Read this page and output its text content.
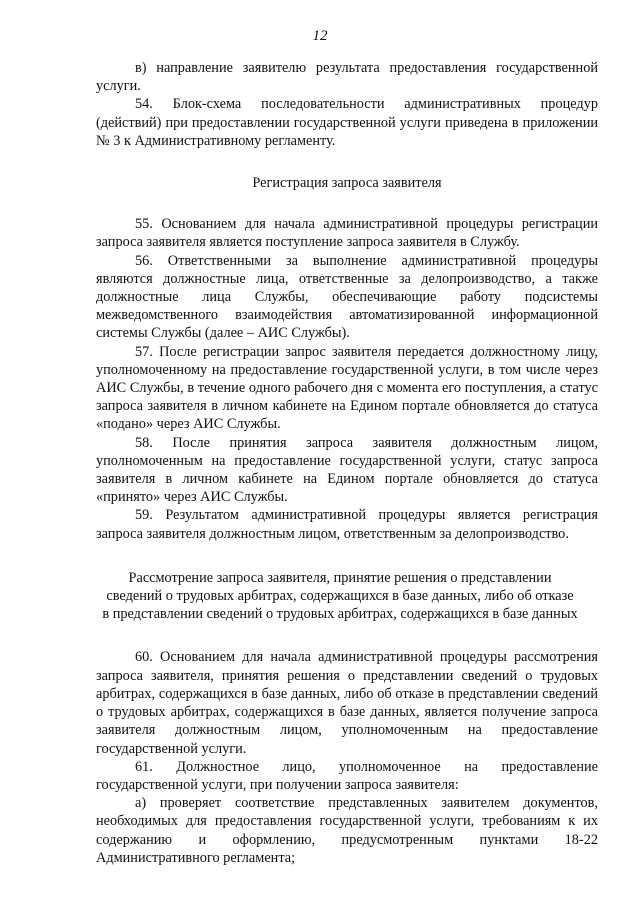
12

в) направление заявителю результата предоставления государственной услуги.

54. Блок-схема последовательности административных процедур (действий) при предоставлении государственной услуги приведена в приложении № 3 к Административному регламенту.

Регистрация запроса заявителя

55. Основанием для начала административной процедуры регистрации запроса заявителя является поступление запроса заявителя в Службу.

56. Ответственными за выполнение административной процедуры являются должностные лица, ответственные за делопроизводство, а также должностные лица Службы, обеспечивающие работу подсистемы межведомственного взаимодействия автоматизированной информационной системы Службы (далее – АИС Службы).

57. После регистрации запрос заявителя передается должностному лицу, уполномоченному на предоставление государственной услуги, в том числе через АИС Службы, в течение одного рабочего дня с момента его поступления, а статус запроса заявителя в личном кабинете на Едином портале обновляется до статуса «подано» через АИС Службы.

58. После принятия запроса заявителя должностным лицом, уполномоченным на предоставление государственной услуги, статус запроса заявителя в личном кабинете на Едином портале обновляется до статуса «принято» через АИС Службы.

59. Результатом административной процедуры является регистрация запроса заявителя должностным лицом, ответственным за делопроизводство.

Рассмотрение запроса заявителя, принятие решения о представлении
сведений о трудовых арбитрах, содержащихся в базе данных, либо об отказе
в представлении сведений о трудовых арбитрах, содержащихся в базе данных

60. Основанием для начала административной процедуры рассмотрения запроса заявителя, принятия решения о представлении сведений о трудовых арбитрах, содержащихся в базе данных, либо об отказе в представлении сведений о трудовых арбитрах, содержащихся в базе данных, является получение запроса заявителя должностным лицом, уполномоченным на предоставление государственной услуги.

61. Должностное лицо, уполномоченное на предоставление государственной услуги, при получении запроса заявителя:

а) проверяет соответствие представленных заявителем документов, необходимых для предоставления государственной услуги, требованиям к их содержанию и оформлению, предусмотренным пунктами 18-22 Административного регламента;
